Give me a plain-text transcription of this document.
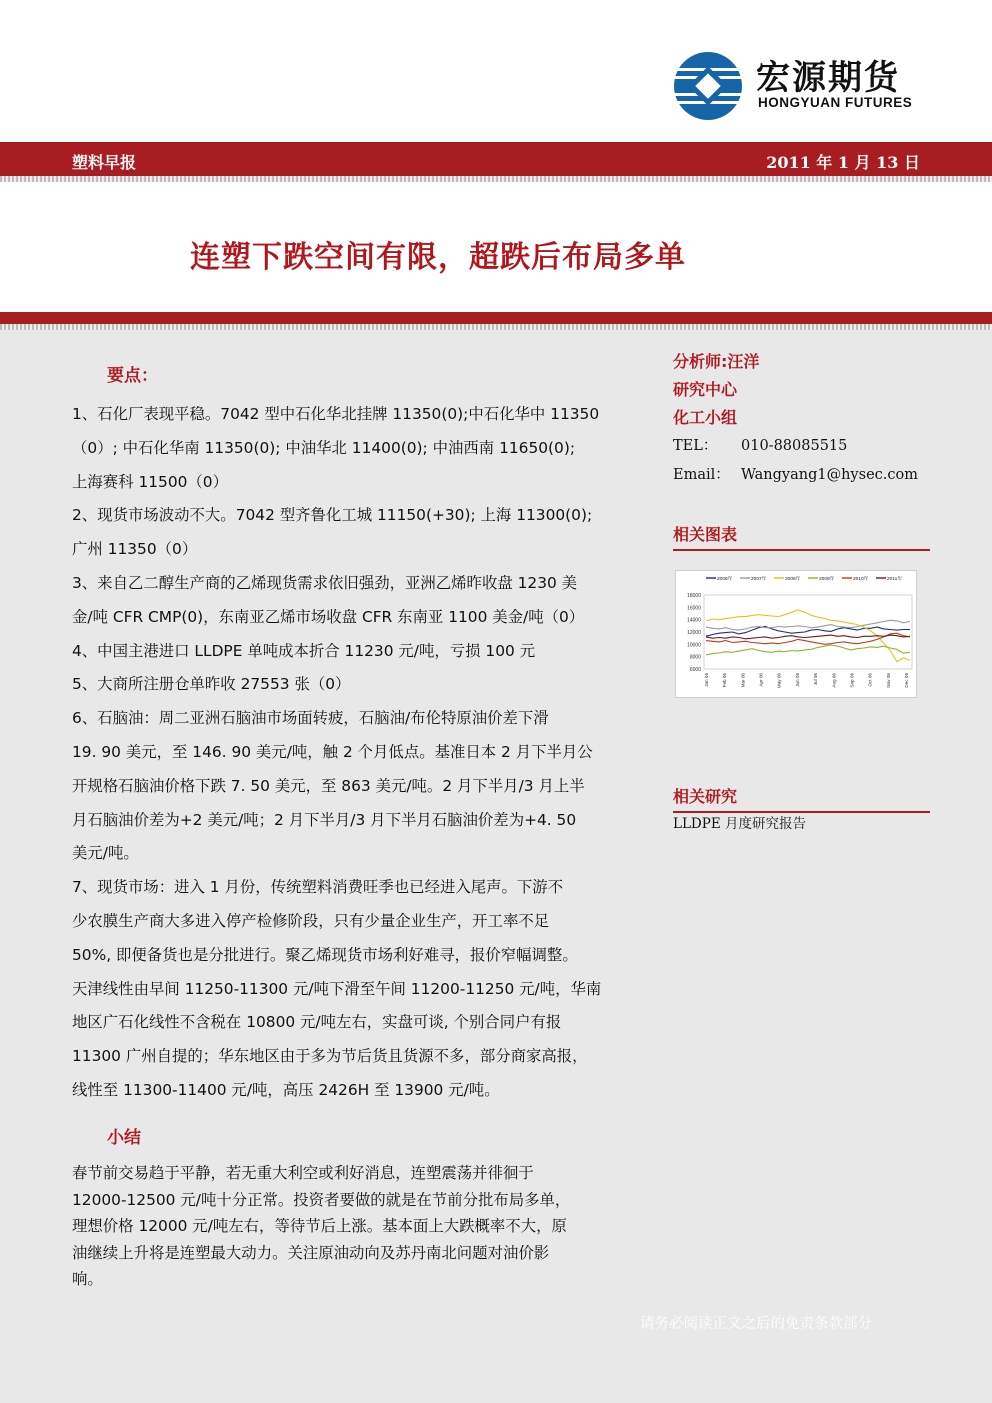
宏源期货
HONGYUAN FUTURES
塑料早报	2011 年 1 月 13 日
连塑下跌空间有限，超跌后布局多单
要点：

1、石化厂表现平稳。7042 型中石化华北挂牌 11350(0);中石化华中 11350

（0）; 中石化华南 11350(0); 中油华北 11400(0); 中油西南 11650(0);

上海赛科 11500（0）

2、现货市场波动不大。7042 型齐鲁化工城 11150(+30); 上海 11300(0);

广州 11350（0）

3、来自乙二醇生产商的乙烯现货需求依旧强劲，亚洲乙烯昨收盘 1230 美

金/吨 CFR CMP(0)，东南亚乙烯市场收盘 CFR 东南亚 1100 美金/吨（0）

4、中国主港进口 LLDPE 单吨成本折合 11230 元/吨，亏损 100 元

5、大商所注册仓单昨收 27553 张（0）

6、石脑油：周二亚洲石脑油市场面转疲，石脑油/布伦特原油价差下滑

19. 90 美元，至 146. 90 美元/吨，触 2 个月低点。基准日本 2 月下半月公

开规格石脑油价格下跌 7. 50 美元，至 863 美元/吨。2 月下半月/3 月上半

月石脑油价差为+2 美元/吨；2 月下半月/3 月下半月石脑油价差为+4. 50

美元/吨。

7、现货市场：进入 1 月份，传统塑料消费旺季也已经进入尾声。下游不

少农膜生产商大多进入停产检修阶段，只有少量企业生产，开工率不足

50%, 即便备货也是分批进行。聚乙烯现货市场利好难寻，报价窄幅调整。

天津线性由早间 11250-11300 元/吨下滑至午间 11200-11250 元/吨，华南

地区广石化线性不含税在 10800 元/吨左右，实盘可谈, 个别合同户有报

11300 广州自提的；华东地区由于多为节后货且货源不多，部分商家高报，

线性至 11300-11400 元/吨，高压 2426H 至 13900 元/吨。

小结

春节前交易趋于平静，若无重大利空或利好消息，连塑震荡并徘徊于

12000-12500 元/吨十分正常。投资者要做的就是在节前分批布局多单，

理想价格 12000 元/吨左右，等待节后上涨。基本面上大跌概率不大，原

油继续上升将是连塑最大动力。关注原油动向及苏丹南北问题对油价影

响。

分析师:汪洋
研究中心
化工小组
TEL： 010-88085515
Email： Wangyang1@hysec.com
相关图表
18000
16000
14000
12000
10000
8000
6000
Jan 06	Feb 06	Mar 06	Apr 06	May 06	Jun 06	Jul 06	Aug 06	Sep 06	Oct 06	Nov 06	Dec 06
2006年	2007年	2008年	2009年	2010年	2011年
相关研究
LLDPE 月度研究报告
请务必阅读正文之后的免责条款部分
